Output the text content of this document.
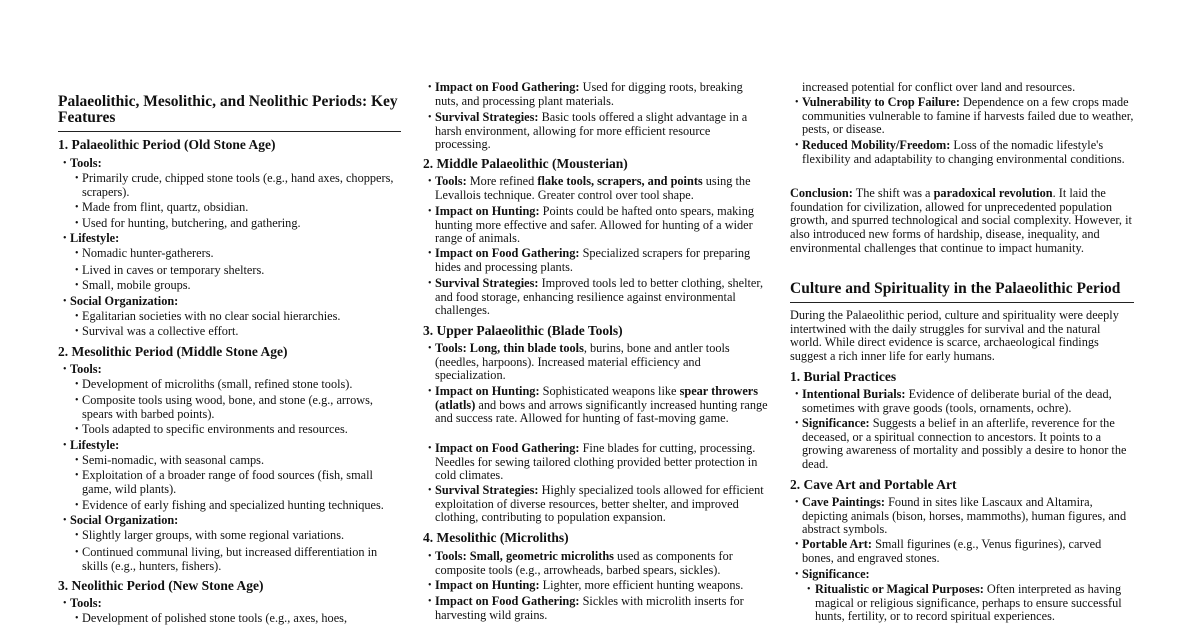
Palaeolithic, Mesolithic, and Neolithic Periods: Key Features
1. Palaeolithic Period (Old Stone Age)
• Tools:
• Primarily crude, chipped stone tools (e.g., hand axes, choppers, scrapers).
• Made from flint, quartz, obsidian.
• Used for hunting, butchering, and gathering.
• Lifestyle:
• Nomadic hunter-gatherers.
• Lived in caves or temporary shelters.
• Small, mobile groups.
• Social Organization:
• Egalitarian societies with no clear social hierarchies.
• Survival was a collective effort.
2. Mesolithic Period (Middle Stone Age)
• Tools:
• Development of microliths (small, refined stone tools).
• Composite tools using wood, bone, and stone (e.g., arrows, spears with barbed points).
• Tools adapted to specific environments and resources.
• Lifestyle:
• Semi-nomadic, with seasonal camps.
• Exploitation of a broader range of food sources (fish, small game, wild plants).
• Evidence of early fishing and specialized hunting techniques.
• Social Organization:
• Slightly larger groups, with some regional variations.
• Continued communal living, but increased differentiation in skills (e.g., hunters, fishers).
3. Neolithic Period (New Stone Age)
• Tools:
• Development of polished stone tools (e.g., axes, hoes,
• Impact on Food Gathering: Used for digging roots, breaking nuts, and processing plant materials.
• Survival Strategies: Basic tools offered a slight advantage in a harsh environment, allowing for more efficient resource processing.
2. Middle Palaeolithic (Mousterian)
• Tools: More refined flake tools, scrapers, and points using the Levallois technique. Greater control over tool shape.
• Impact on Hunting: Points could be hafted onto spears, making hunting more effective and safer. Allowed for hunting of a wider range of animals.
• Impact on Food Gathering: Specialized scrapers for preparing hides and processing plants.
• Survival Strategies: Improved tools led to better clothing, shelter, and food storage, enhancing resilience against environmental challenges.
3. Upper Palaeolithic (Blade Tools)
• Tools: Long, thin blade tools, burins, bone and antler tools (needles, harpoons). Increased material efficiency and specialization.
• Impact on Hunting: Sophisticated weapons like spear throwers (atlatls) and bows and arrows significantly increased hunting range and success rate. Allowed for hunting of fast-moving game.
• Impact on Food Gathering: Fine blades for cutting, processing. Needles for sewing tailored clothing provided better protection in cold climates.
• Survival Strategies: Highly specialized tools allowed for efficient exploitation of diverse resources, better shelter, and improved clothing, contributing to population expansion.
4. Mesolithic (Microliths)
• Tools: Small, geometric microliths used as components for composite tools (e.g., arrowheads, barbed spears, sickles).
• Impact on Hunting: Lighter, more efficient hunting weapons.
• Impact on Food Gathering: Sickles with microlith inserts for harvesting wild grains.
increased potential for conflict over land and resources.
• Vulnerability to Crop Failure: Dependence on a few crops made communities vulnerable to famine if harvests failed due to weather, pests, or disease.
• Reduced Mobility/Freedom: Loss of the nomadic lifestyle's flexibility and adaptability to changing environmental conditions.
Conclusion: The shift was a paradoxical revolution. It laid the foundation for civilization, allowed for unprecedented population growth, and spurred technological and social complexity. However, it also introduced new forms of hardship, disease, inequality, and environmental challenges that continue to impact humanity.
Culture and Spirituality in the Palaeolithic Period
During the Palaeolithic period, culture and spirituality were deeply intertwined with the daily struggles for survival and the natural world. While direct evidence is scarce, archaeological findings suggest a rich inner life for early humans.
1. Burial Practices
• Intentional Burials: Evidence of deliberate burial of the dead, sometimes with grave goods (tools, ornaments, ochre).
• Significance: Suggests a belief in an afterlife, reverence for the deceased, or a spiritual connection to ancestors. It points to a growing awareness of mortality and possibly a desire to honor the dead.
2. Cave Art and Portable Art
• Cave Paintings: Found in sites like Lascaux and Altamira, depicting animals (bison, horses, mammoths), human figures, and abstract symbols.
• Portable Art: Small figurines (e.g., Venus figurines), carved bones, and engraved stones.
• Significance:
• Ritualistic or Magical Purposes: Often interpreted as having magical or religious significance, perhaps to ensure successful hunts, fertility, or to record spiritual experiences.
